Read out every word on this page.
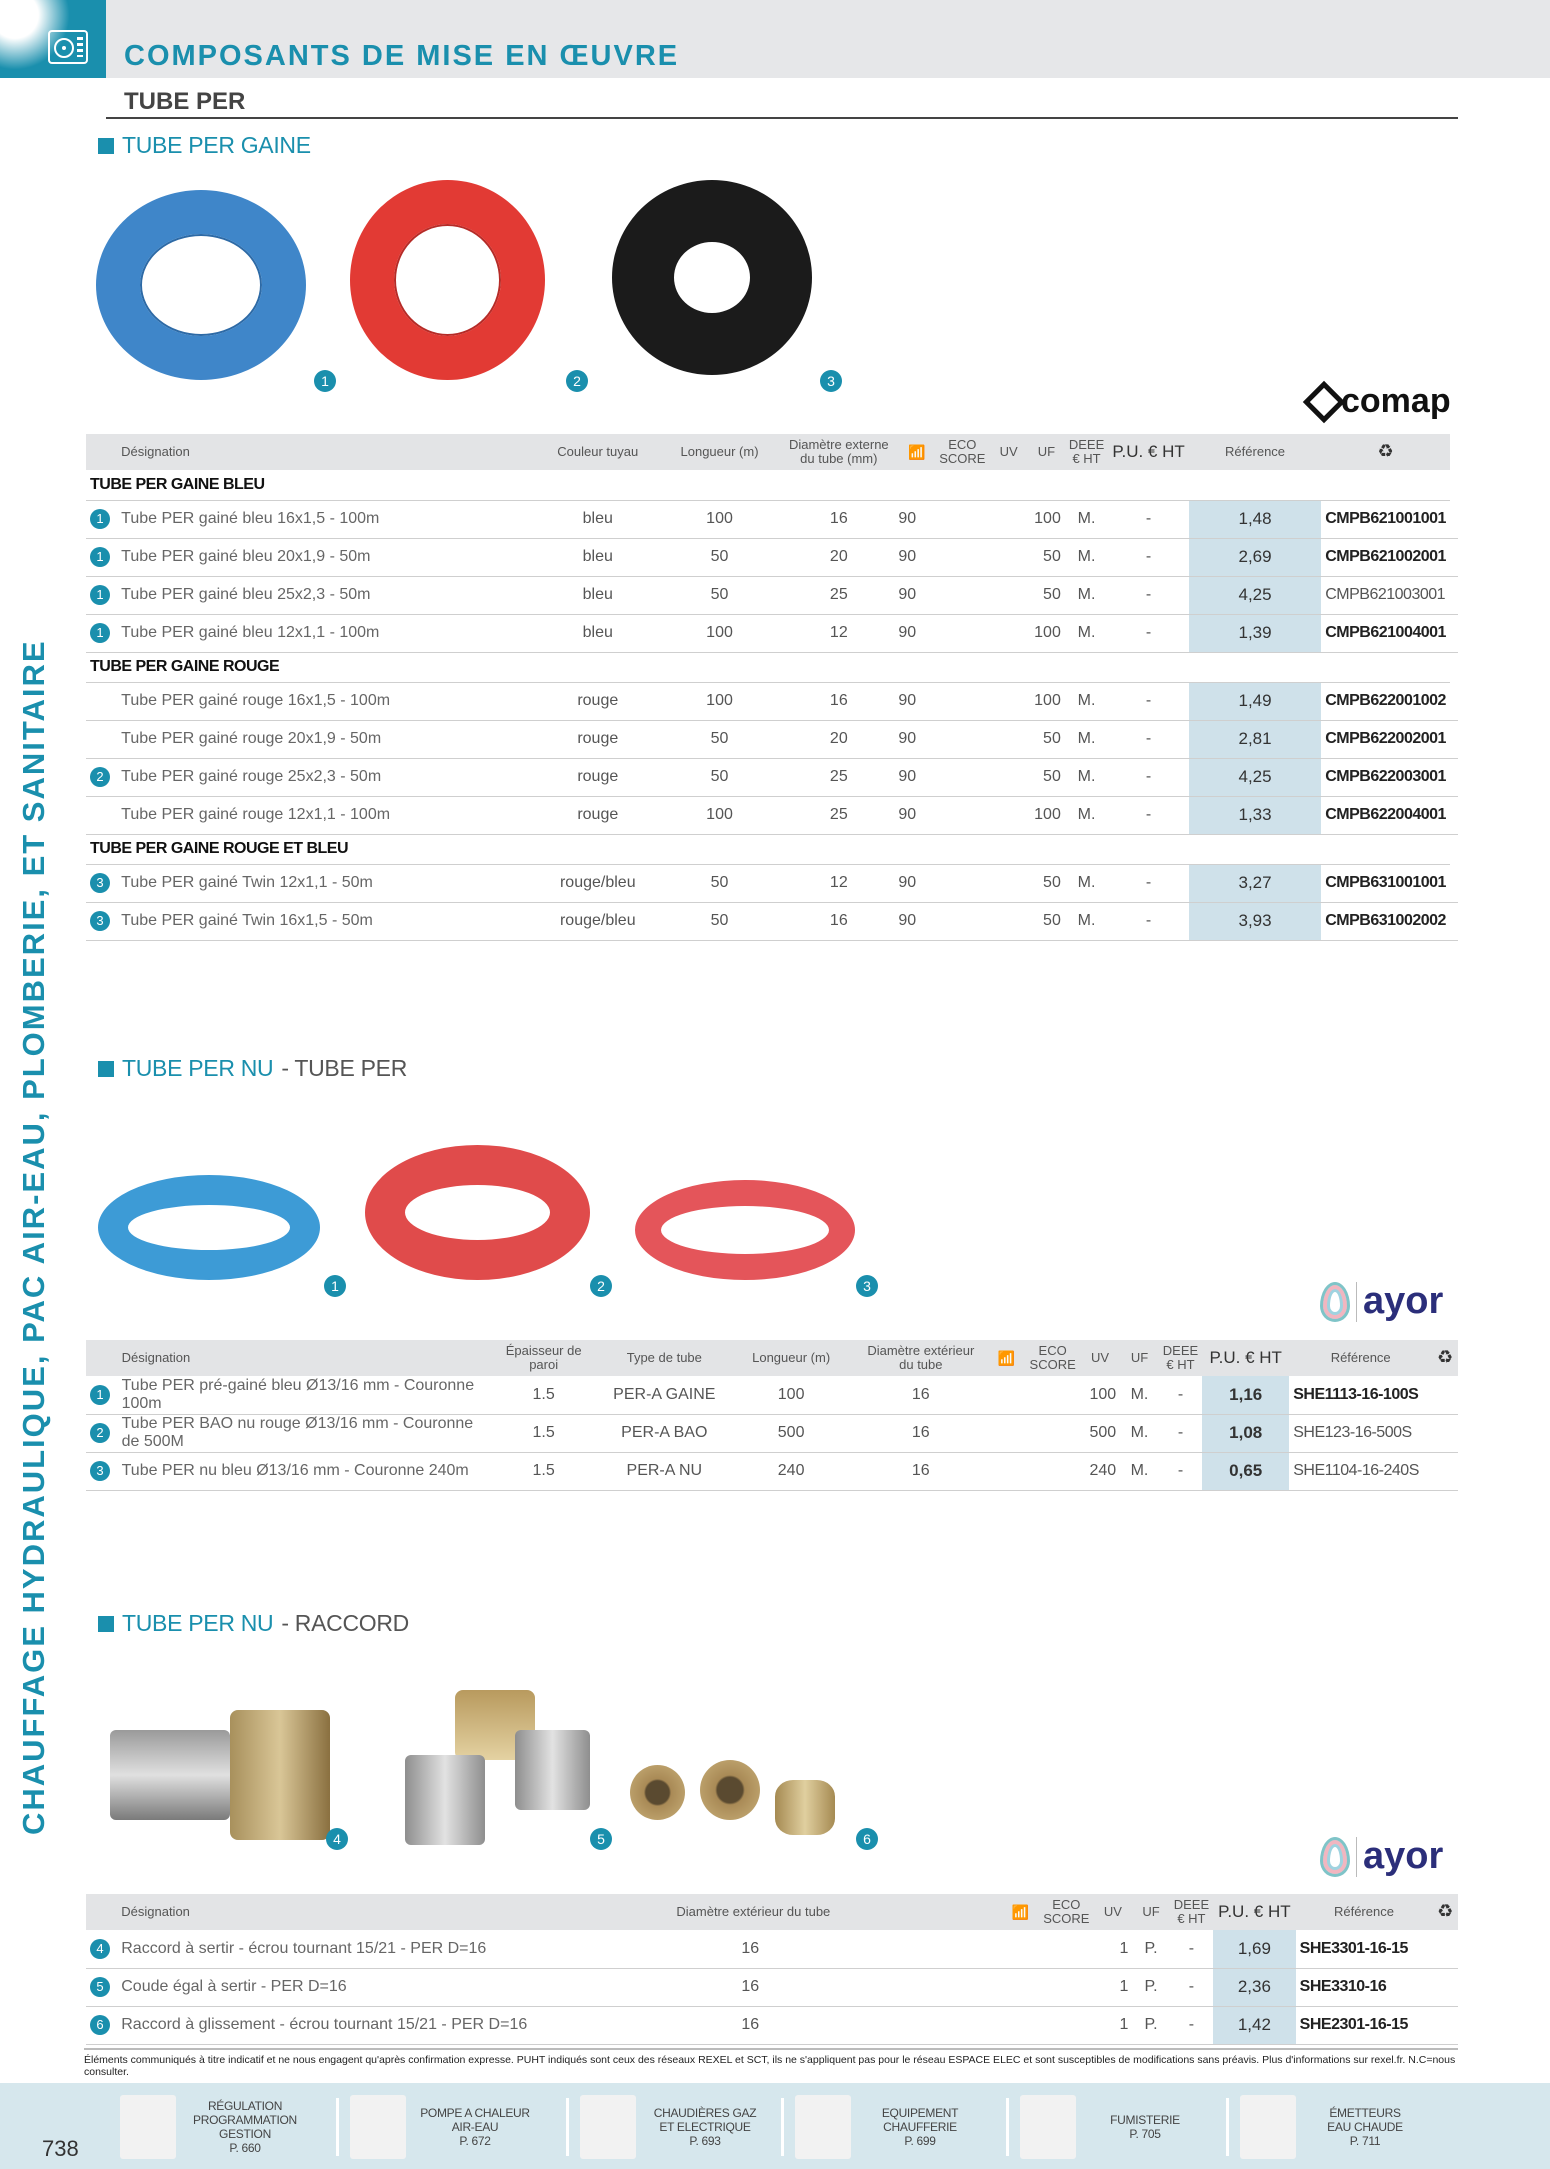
COMPOSANTS DE MISE EN ŒUVRE
TUBE PER
CHAUFFAGE HYDRAULIQUE, PAC AIR-EAU, PLOMBERIE, ET SANITAIRE
TUBE PER GAINE
1	2	3
comap
	Désignation		Couleur tuyau	Longueur (m)	Diamètre externe du tube (mm)	📶	ECO SCORE	UV	UF	DEEE € HT	P.U. € HT	Référence	♻	
TUBE PER GAINE BLEU														
1	Tube PER gainé bleu 16x1,5 - 100m		bleu	100	16	90		100		M.	-	1,48	CMPB621001001	
1	Tube PER gainé bleu 20x1,9 - 50m		bleu	50	20	90		50		M.	-	2,69	CMPB621002001	
1	Tube PER gainé bleu 25x2,3 - 50m		bleu	50	25	90		50		M.	-	4,25	CMPB621003001	
1	Tube PER gainé bleu 12x1,1 - 100m		bleu	100	12	90		100		M.	-	1,39	CMPB621004001	
TUBE PER GAINE ROUGE														
	Tube PER gainé rouge 16x1,5 - 100m		rouge	100	16	90		100		M.	-	1,49	CMPB622001002	
	Tube PER gainé rouge 20x1,9 - 50m		rouge	50	20	90		50		M.	-	2,81	CMPB622002001	
2	Tube PER gainé rouge 25x2,3 - 50m		rouge	50	25	90		50		M.	-	4,25	CMPB622003001	
	Tube PER gainé rouge 12x1,1 - 100m		rouge	100	25	90		100		M.	-	1,33	CMPB622004001	
TUBE PER GAINE ROUGE ET BLEU														
3	Tube PER gainé Twin 12x1,1 - 50m		rouge/bleu	50	12	90		50		M.	-	3,27	CMPB631001001	
3	Tube PER gainé Twin 16x1,5 - 50m		rouge/bleu	50	16	90		50		M.	-	3,93	CMPB631002002	
TUBE PER NU - TUBE PER
1	2	3	ayor
	Désignation	Épaisseur de paroi	Type de tube	Longueur (m)	Diamètre extérieur du tube	📶	ECO SCORE	UV	UF	DEEE € HT	P.U. € HT	Référence	♻
1	Tube PER pré-gainé bleu Ø13/16 mm - Couronne 100m	1.5	PER-A GAINE	100	16		100		M.	-	1,16	SHE1113-16-100S	
2	Tube PER BAO nu rouge Ø13/16 mm - Couronne de 500M	1.5	PER-A BAO	500	16		500		M.	-	1,08	SHE123-16-500S	
3	Tube PER nu bleu Ø13/16 mm - Couronne 240m	1.5	PER-A NU	240	16		240		M.	-	0,65	SHE1104-16-240S	
TUBE PER NU - RACCORD
4	5	6	ayor
	Désignation	Diamètre extérieur du tube	📶	ECO SCORE	UV	UF	DEEE € HT	P.U. € HT	Référence	♻
4	Raccord à sertir - écrou tournant 15/21 - PER D=16	16		1		P.	-	1,69	SHE3301-16-15	
5	Coude égal à sertir - PER D=16	16		1		P.	-	2,36	SHE3310-16	
6	Raccord à glissement - écrou tournant 15/21 - PER D=16	16		1		P.	-	1,42	SHE2301-16-15	
Éléments communiqués à titre indicatif et ne nous engagent qu'après confirmation expresse. PUHT indiqués sont ceux des réseaux REXEL et SCT, ils ne s'appliquent pas pour le réseau ESPACE ELEC et sont susceptibles de modifications sans préavis. Plus d'informations sur rexel.fr. N.C=nous consulter.
738
RÉGULATION
PROGRAMMATION
GESTION
P. 660
POMPE A CHALEUR
AIR-EAU
P. 672
CHAUDIÈRES GAZ
ET ELECTRIQUE
P. 693
EQUIPEMENT
CHAUFFERIE
P. 699
FUMISTERIE
P. 705
ÉMETTEURS
EAU CHAUDE
P. 711
